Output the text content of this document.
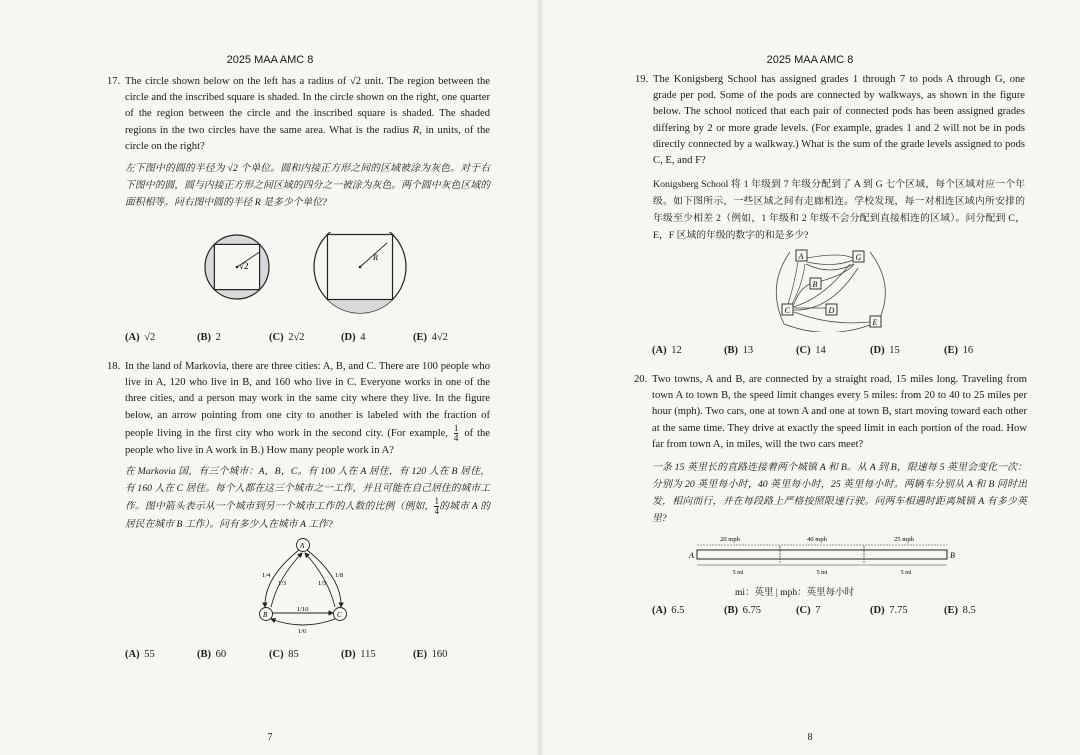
2025 MAA AMC 8
17. The circle shown below on the left has a radius of √2 unit. The region between the circle and the inscribed square is shaded. In the circle shown on the right, one quarter of the region between the circle and the inscribed square is shaded. The shaded regions in the two circles have the same area. What is the radius R, in units, of the circle on the right?
左下图中的圆的半径为 √2 个单位。圆和内接正方形之间的区域被涂为灰色。对于右下图中的圆，圆与内接正方形之间区域的四分之一被涂为灰色。两个圆中灰色区域的面积相等。问右图中圆的半径 R 是多少个单位?
√2
R
(A) √2	(B) 2	(C) 2√2	(D) 4	(E) 4√2
18. In the land of Markovia, there are three cities: A, B, and C. There are 100 people who live in A, 120 who live in B, and 160 who live in C. Everyone works in one of the three cities, and a person may work in the same city where they live. In the figure below, an arrow pointing from one city to another is labeled with the fraction of people living in the first city who work in the second city. (For example, $\frac{1}{4}$ of the people who live in A work in B.) How many people work in A?
在 Markovia 国，有三个城市：A，B，C。有 100 人在 A 居住，有 120 人在 B 居住，有 160 人在 C 居住。每个人都在这三个城市之一工作，并且可能在自己居住的城市工作。图中箭头表示从一个城市到另一个城市工作的人数的比例（例如， $\frac{1}{4}$ 的城市 A 的居民在城市 B 工作）。问有多少人在城市 A 工作?
A
B	C
1/4
1/3
1/8
1/5
1/10
1/6
(A) 55	(B) 60	(C) 85	(D) 115	(E) 160
7
2025 MAA AMC 8
19. The Konigsberg School has assigned grades 1 through 7 to pods A through G, one grade per pod. Some of the pods are connected by walkways, as shown in the figure below. The school noticed that each pair of connected pods has been assigned grades differing by 2 or more grade levels. (For example, grades 1 and 2 will not be in pods directly connected by a walkway.) What is the sum of the grade levels assigned to pods C, E, and F?
Konigsberg School 将 1 年级到 7 年级分配到了 A 到 G 七个区域，每个区域对应一个年级。如下图所示，一些区域之间有走廊相连。学校发现，每一对相连区域内所安排的年级至少相差 2（例如，1 年级和 2 年级不会分配到直接相连的区域）。问分配到 C，E，F 区域的年级的数字的和是多少?
A	G
B
C	D
E
(A) 12	(B) 13	(C) 14	(D) 15	(E) 16
20. Two towns, A and B, are connected by a straight road, 15 miles long. Traveling from town A to town B, the speed limit changes every 5 miles: from 20 to 40 to 25 miles per hour (mph). Two cars, one at town A and one at town B, start moving toward each other at the same time. They drive at exactly the speed limit in each portion of the road. How far from town A, in miles, will the two cars meet?
一条 15 英里长的直路连接着两个城镇 A 和 B。从 A 到 B，限速每 5 英里会变化一次：分别为 20 英里每小时，40 英里每小时，25 英里每小时。两辆车分别从 A 和 B 同时出发，相向而行，并在每段路上严格按照限速行驶。问两车相遇时距离城镇 A 有多少英里?
20 mph	40 mph	25 mph
A	B
5 mi	5 mi	5 mi
mi：英里 | mph：英里每小时
(A) 6.5	(B) 6.75	(C) 7	(D) 7.75	(E) 8.5
8
